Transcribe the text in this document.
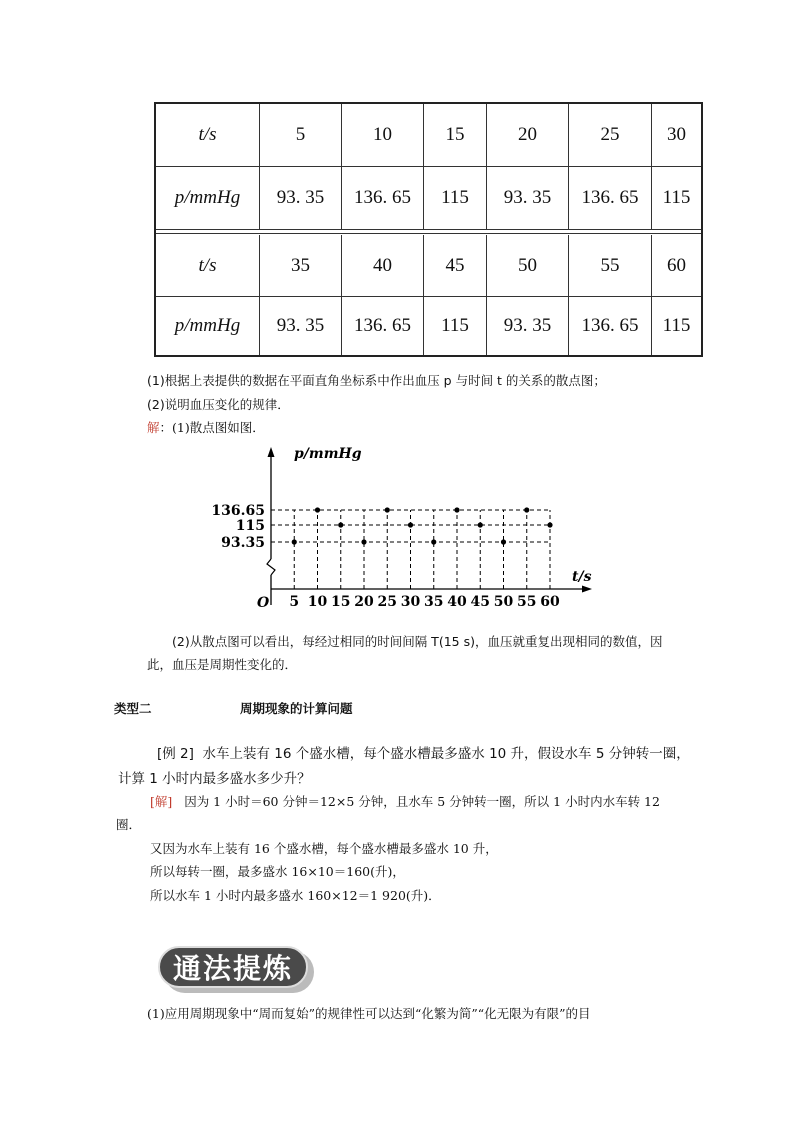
t/s	5	10	15	20	25	30
p/mmHg	93. 35	136. 65	115	93. 35	136. 65	115
t/s	35	40	45	50	55	60
p/mmHg	93. 35	136. 65	115	93. 35	136. 65	115
(1)根据上表提供的数据在平面直角坐标系中作出血压 p 与时间 t 的关系的散点图；
(2)说明血压变化的规律．
解：(1)散点图如图．
p/mmHg
t/s
O
136.65
115
93.35
5 10 15 20 25 30 35 40 45 50 55 60
(2)从散点图可以看出，每经过相同的时间间隔 T(15 s)，血压就重复出现相同的数值，因
此，血压是周期性变化的．
类型二	周期现象的计算问题
[例 2] 水车上装有 16 个盛水槽，每个盛水槽最多盛水 10 升，假设水车 5 分钟转一圈，
计算 1 小时内最多盛水多少升？
[解] 因为 1 小时＝60 分钟＝12×5 分钟，且水车 5 分钟转一圈，所以 1 小时内水车转 12
圈．
又因为水车上装有 16 个盛水槽，每个盛水槽最多盛水 10 升，
所以每转一圈，最多盛水 16×10＝160(升)，
所以水车 1 小时内最多盛水 160×12＝1 920(升)．
通法提炼
(1)应用周期现象中“周而复始”的规律性可以达到“化繁为简”“化无限为有限”的目
